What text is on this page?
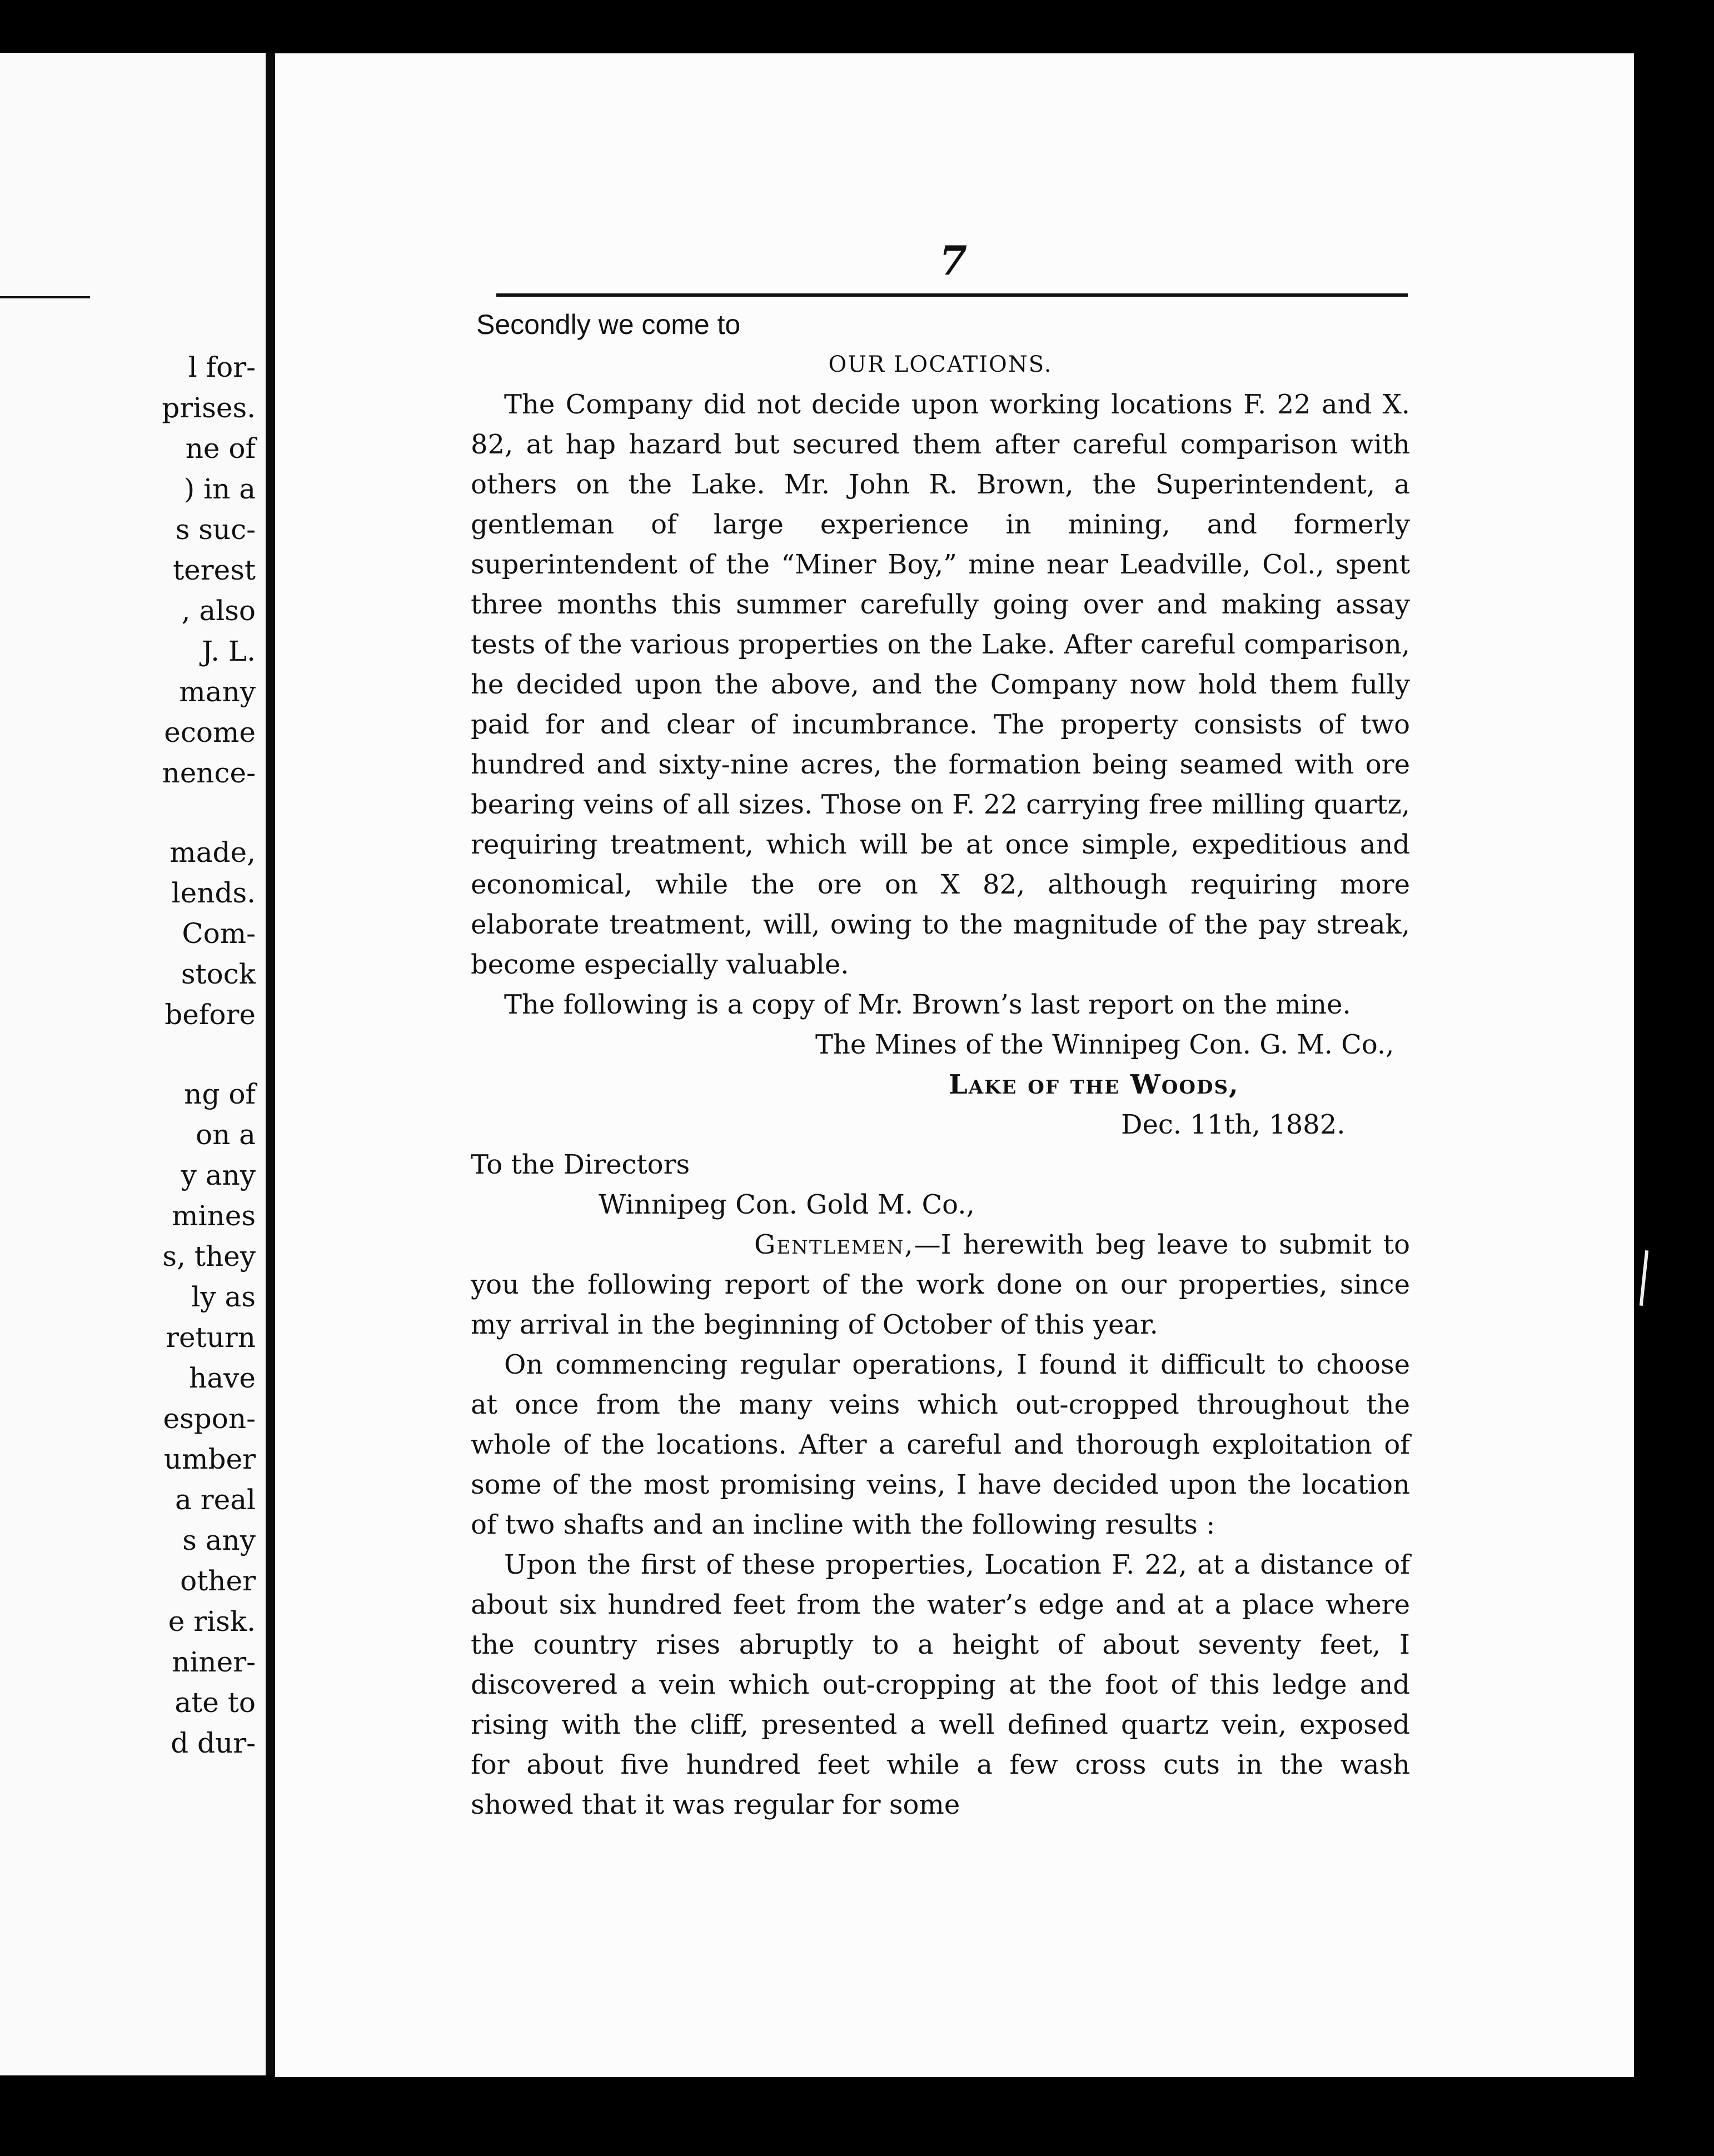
l for-
prises.
ne of
) in a
s suc-
terest
, also
J. L.
many
ecome
nence-
made,
lends.
Com-
stock
before
ng of
on a
y any
mines
s, they
ly as
return
have
espon-
umber
a real
s any
other
e risk.
niner-
ate to
d dur-
7

Secondly we come to

OUR LOCATIONS.

The Company did not decide upon working locations F. 22 and X. 82, at hap hazard but secured them after careful comparison with others on the Lake. Mr. John R. Brown, the Superintendent, a gentleman of large experience in mining, and formerly superintendent of the “Miner Boy,” mine near Leadville, Col., spent three months this summer carefully going over and making assay tests of the various properties on the Lake. After careful comparison, he decided upon the above, and the Company now hold them fully paid for and clear of incumbrance. The property consists of two hundred and sixty-nine acres, the formation being seamed with ore bearing veins of all sizes. Those on F. 22 carrying free milling quartz, requiring treatment, which will be at once simple, expeditious and economical, while the ore on X 82, although requiring more elaborate treatment, will, owing to the magnitude of the pay streak, become especially valuable.

The following is a copy of Mr. Brown’s last report on the mine.

The Mines of the Winnipeg Con. G. M. Co.,

Lake of the Woods,

Dec. 11th, 1882.

To the Directors

Winnipeg Con. Gold M. Co.,

Gentlemen,—I herewith beg leave to submit to you the following report of the work done on our properties, since my arrival in the beginning of October of this year.

On commencing regular operations, I found it difficult to choose at once from the many veins which out-cropped throughout the whole of the locations. After a careful and thorough exploitation of some of the most promising veins, I have decided upon the location of two shafts and an incline with the following results :

Upon the first of these properties, Location F. 22, at a distance of about six hundred feet from the water’s edge and at a place where the country rises abruptly to a height of about seventy feet, I discovered a vein which out-cropping at the foot of this ledge and rising with the cliff, presented a well defined quartz vein, exposed for about five hundred feet while a few cross cuts in the wash showed that it was regular for some
